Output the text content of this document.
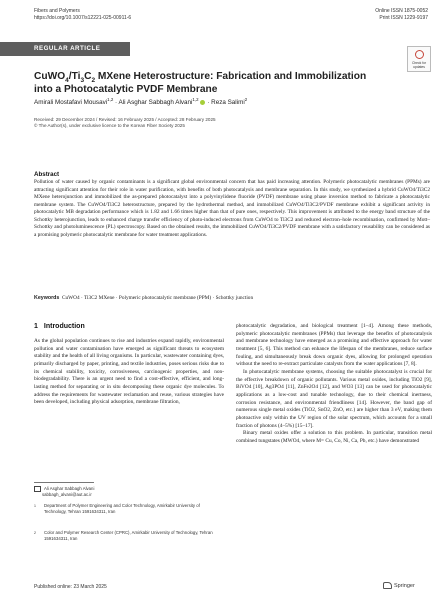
Fibers and Polymers
https://doi.org/10.1007/s12221-025-00911-6
Online ISSN 1875-0052
Print ISSN 1229-9197
REGULAR ARTICLE
Check for
updates
$CuWO_4/Ti_3C_2$ MXene Heterostructure: Fabrication and Immobilization
into a Photocatalytic PVDF Membrane
Amirali Mostafavi Mousavi$^{1,2}$ · Ali Asghar Sabbagh Alvani$^{1,2}$ · Reza Salimi$^2$
Received: 29 December 2024 / Revised: 16 February 2025 / Accepted: 28 February 2025
© The Author(s), under exclusive licence to the Korean Fiber Society 2025
Abstract
Pollution of water caused by organic contaminants is a significant global environmental concern that has paid increasing attention. Polymeric photocatalytic membranes (PPMs) are attracting significant attention for their role in water purification, with benefits of both photocatalysis and membrane separation. In this study, we synthesized a hybrid CuWO4/Ti3C2 MXene heterojunction and immobilized the as-prepared photocatalyst into a polyvinylidene fluoride (PVDF) membrane using phase inversion method to fabricate a photocatalytic membrane system. The CuWO4/Ti3C2 heterostructure, prepared by the hydrothermal method, and immobilized CuWO4/Ti3C2/PVDF membrane exhibit a significant activity in photocatalytic MB degradation performance which is 1.82 and 1.66 times higher than that of pure ones, respectively. This improvement is attributed to the energy band structure of the Schottky heterojunction, leads to enhanced charge transfer efficiency of photo-induced electrons from CuWO4 to Ti3C2 and reduced electron–hole recombination, confirmed by Mott–Schottky and photoluminescence (PL) spectroscopy. Based on the obtained results, the immobilized CuWO4/Ti3C2/PVDF membrane with a satisfactory reusability can be considered as a promising polymeric photocatalytic membrane for water treatment applications.
Keywords CuWO4 · Ti3C2 MXene · Polymeric photocatalytic membrane (PPM) · Schottky junction
1 Introduction

As the global population continues to rise and industries expand rapidly, environmental pollution and water contamination have emerged as significant threats to ecosystem stability and the health of all living organisms. In particular, wastewater containing dyes, primarily discharged by paper, printing, and textile industries, poses serious risks due to its chemical stability, toxicity, corrosiveness, carcinogenic properties, and non-biodegradability. There is an urgent need to find a cost-effective, efficient, and long-lasting method for separating or in situ decomposing these organic dye molecules. To address the requirements for wastewater reclamation and reuse, various strategies have been developed, including physical adsorption, membrane filtration,

photocatalytic degradation, and biological treatment [1–4]. Among these methods, polymeric photocatalytic membranes (PPMs) that leverage the benefits of photocatalysis and membrane technology have emerged as a promising and effective approach for water treatment [5, 6]. This method can enhance the lifespan of the membranes, reduce surface fouling, and simultaneously break down organic dyes, allowing for prolonged operation without the need to re-extract particulate catalysts from the water applications [7, 8].

In photocatalytic membrane systems, choosing the suitable photocatalyst is crucial for the effective breakdown of organic pollutants. Various metal oxides, including TiO2 [9], BiVO4 [10], Ag3PO4 [11], ZnFe2O4 [12], and WO3 [13] can be used for photocatalytic applications as a low-cost and tunable technology, due to their chemical inertness, corrosion resistance, and environmental friendliness [14]. However, the band gap of numerous single metal oxides (TiO2, SnO2, ZnO, etc.) are higher than 3 eV, making them photoactive only within the UV region of the solar spectrum, which accounts for a small fraction of photons (4–5%) [15–17].

Binary metal oxides offer a solution to this problem. In particular, transition metal combined tungstates (MWO4, where M= Cu, Co, Ni, Ca, Pb, etc.) have demonstrated

Ali Asghar Sabbagh Alvani
sabbagh_alvani@aut.ac.ir
1 Department of Polymer Engineering and Color Technology, Amirkabir University of Technology, Tehran 1591634311, Iran
2 Color and Polymer Research Center (CPRC), Amirkabir University of Technology, Tehran 1591634311, Iran
Published online: 23 March 2025	Springer
